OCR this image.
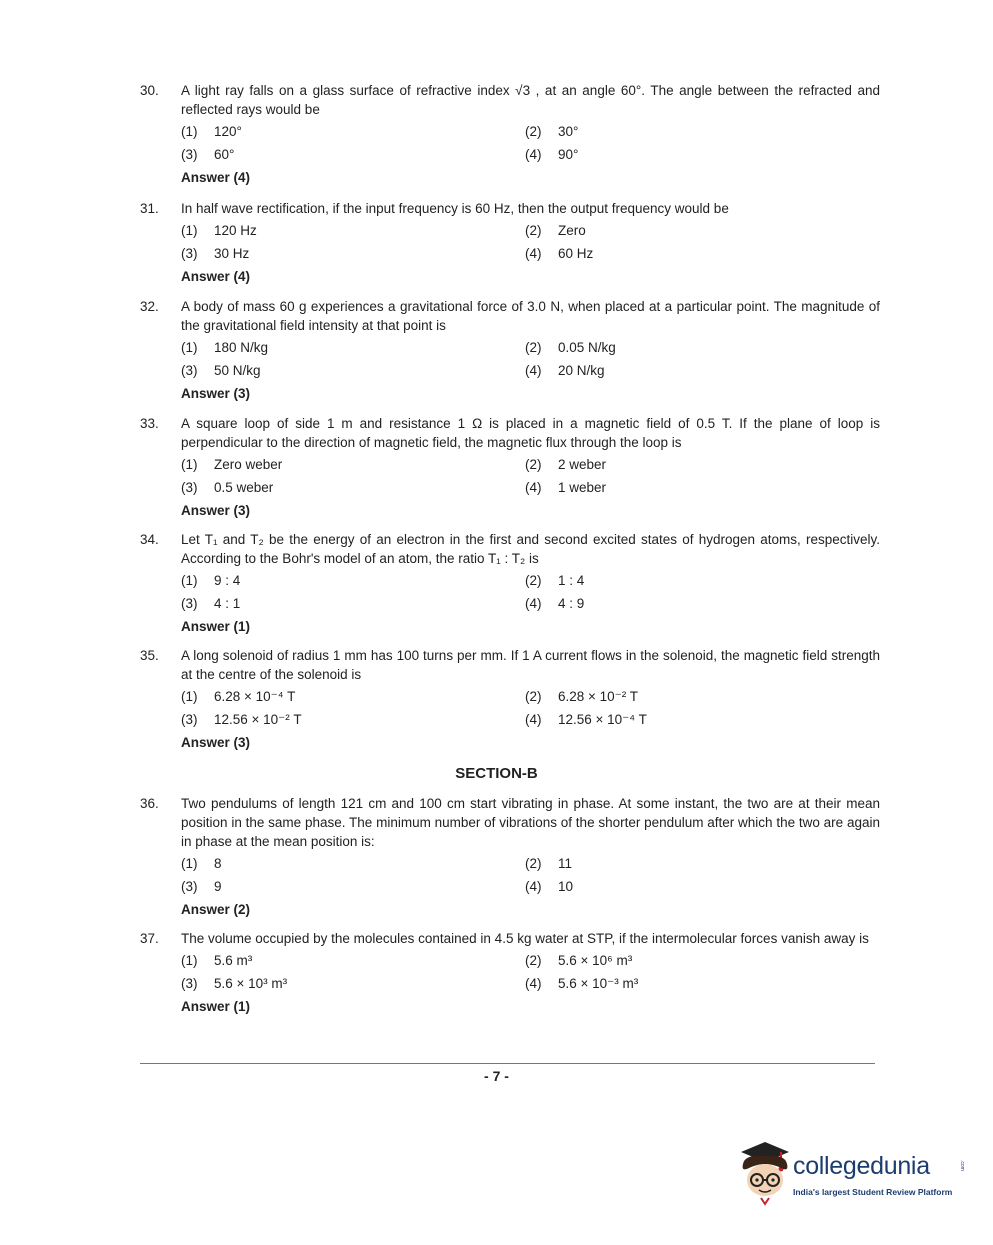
30.	A light ray falls on a glass surface of refractive index √3 , at an angle 60°. The angle between the refracted and reflected rays would be
(1)	120°	(2)	30°
(3)	60°	(4)	90°
Answer (4)
31.	In half wave rectification, if the input frequency is 60 Hz, then the output frequency would be
(1)	120 Hz	(2)	Zero
(3)	30 Hz	(4)	60 Hz
Answer (4)
32.	A body of mass 60 g experiences a gravitational force of 3.0 N, when placed at a particular point. The magnitude of the gravitational field intensity at that point is
(1)	180 N/kg	(2)	0.05 N/kg
(3)	50 N/kg	(4)	20 N/kg
Answer (3)
33.	A square loop of side 1 m and resistance 1 Ω is placed in a magnetic field of 0.5 T. If the plane of loop is perpendicular to the direction of magnetic field, the magnetic flux through the loop is
(1)	Zero weber	(2)	2 weber
(3)	0.5 weber	(4)	1 weber
Answer (3)
34.	Let T₁ and T₂ be the energy of an electron in the first and second excited states of hydrogen atoms, respectively. According to the Bohr's model of an atom, the ratio T₁ : T₂ is
(1)	9 : 4	(2)	1 : 4
(3)	4 : 1	(4)	4 : 9
Answer (1)
35.	A long solenoid of radius 1 mm has 100 turns per mm. If 1 A current flows in the solenoid, the magnetic field strength at the centre of the solenoid is
(1)	6.28 × 10⁻⁴ T	(2)	6.28 × 10⁻² T
(3)	12.56 × 10⁻² T	(4)	12.56 × 10⁻⁴ T
Answer (3)
SECTION-B
36.	Two pendulums of length 121 cm and 100 cm start vibrating in phase. At some instant, the two are at their mean position in the same phase. The minimum number of vibrations of the shorter pendulum after which the two are again in phase at the mean position is:
(1)	8	(2)	11
(3)	9	(4)	10
Answer (2)
37.	The volume occupied by the molecules contained in 4.5 kg water at STP, if the intermolecular forces vanish away is
(1)	5.6 m³	(2)	5.6 × 10⁶ m³
(3)	5.6 × 10³ m³	(4)	5.6 × 10⁻³ m³
Answer (1)
- 7 -
collegedunia	.com
India's largest Student Review Platform
